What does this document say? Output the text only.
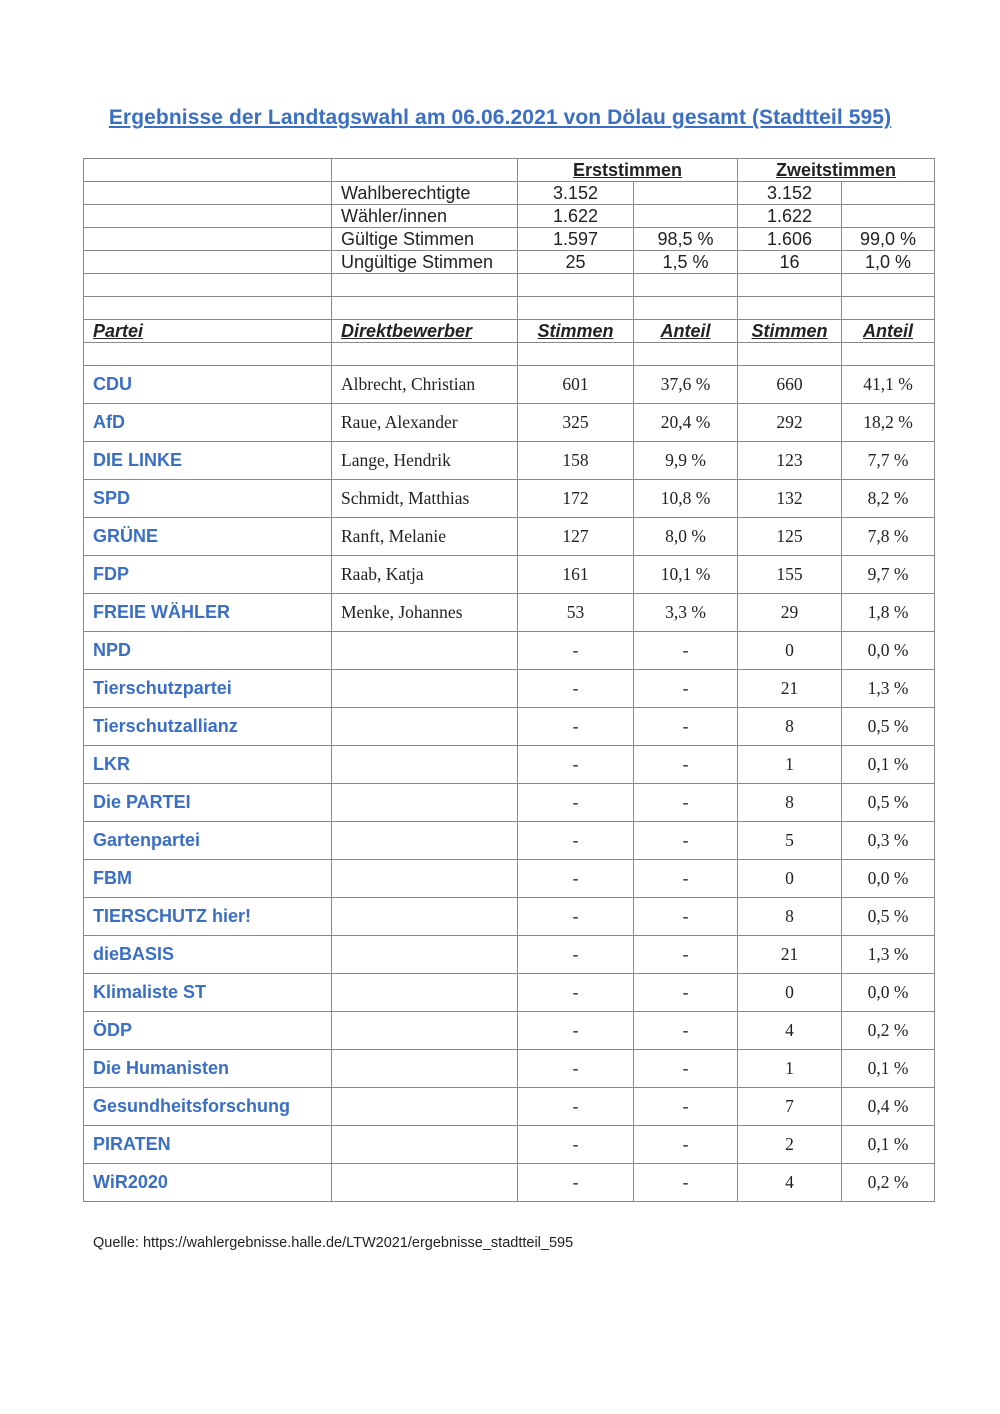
Ergebnisse der Landtagswahl am 06.06.2021 von Dölau gesamt (Stadtteil 595)
		Erststimmen		Zweitstimmen	
	Wahlberechtigte	3.152		3.152	
	Wähler/innen	1.622		1.622	
	Gültige Stimmen	1.597	98,5 %	1.606	99,0 %
	Ungültige Stimmen	25	1,5 %	16	1,0 %

Partei	Direktbewerber	Stimmen	Anteil	Stimmen	Anteil

CDU	Albrecht, Christian	601	37,6 %	660	41,1 %
AfD	Raue, Alexander	325	20,4 %	292	18,2 %
DIE LINKE	Lange, Hendrik	158	9,9 %	123	7,7 %
SPD	Schmidt, Matthias	172	10,8 %	132	8,2 %
GRÜNE	Ranft, Melanie	127	8,0 %	125	7,8 %
FDP	Raab, Katja	161	10,1 %	155	9,7 %
FREIE WÄHLER	Menke, Johannes	53	3,3 %	29	1,8 %
NPD		-	-	0	0,0 %
Tierschutzpartei		-	-	21	1,3 %
Tierschutzallianz		-	-	8	0,5 %
LKR		-	-	1	0,1 %
Die PARTEI		-	-	8	0,5 %
Gartenpartei		-	-	5	0,3 %
FBM		-	-	0	0,0 %
TIERSCHUTZ hier!		-	-	8	0,5 %
dieBASIS		-	-	21	1,3 %
Klimaliste ST		-	-	0	0,0 %
ÖDP		-	-	4	0,2 %
Die Humanisten		-	-	1	0,1 %
Gesundheitsforschung		-	-	7	0,4 %
PIRATEN		-	-	2	0,1 %
WiR2020		-	-	4	0,2 %
Quelle: https://wahlergebnisse.halle.de/LTW2021/ergebnisse_stadtteil_595
